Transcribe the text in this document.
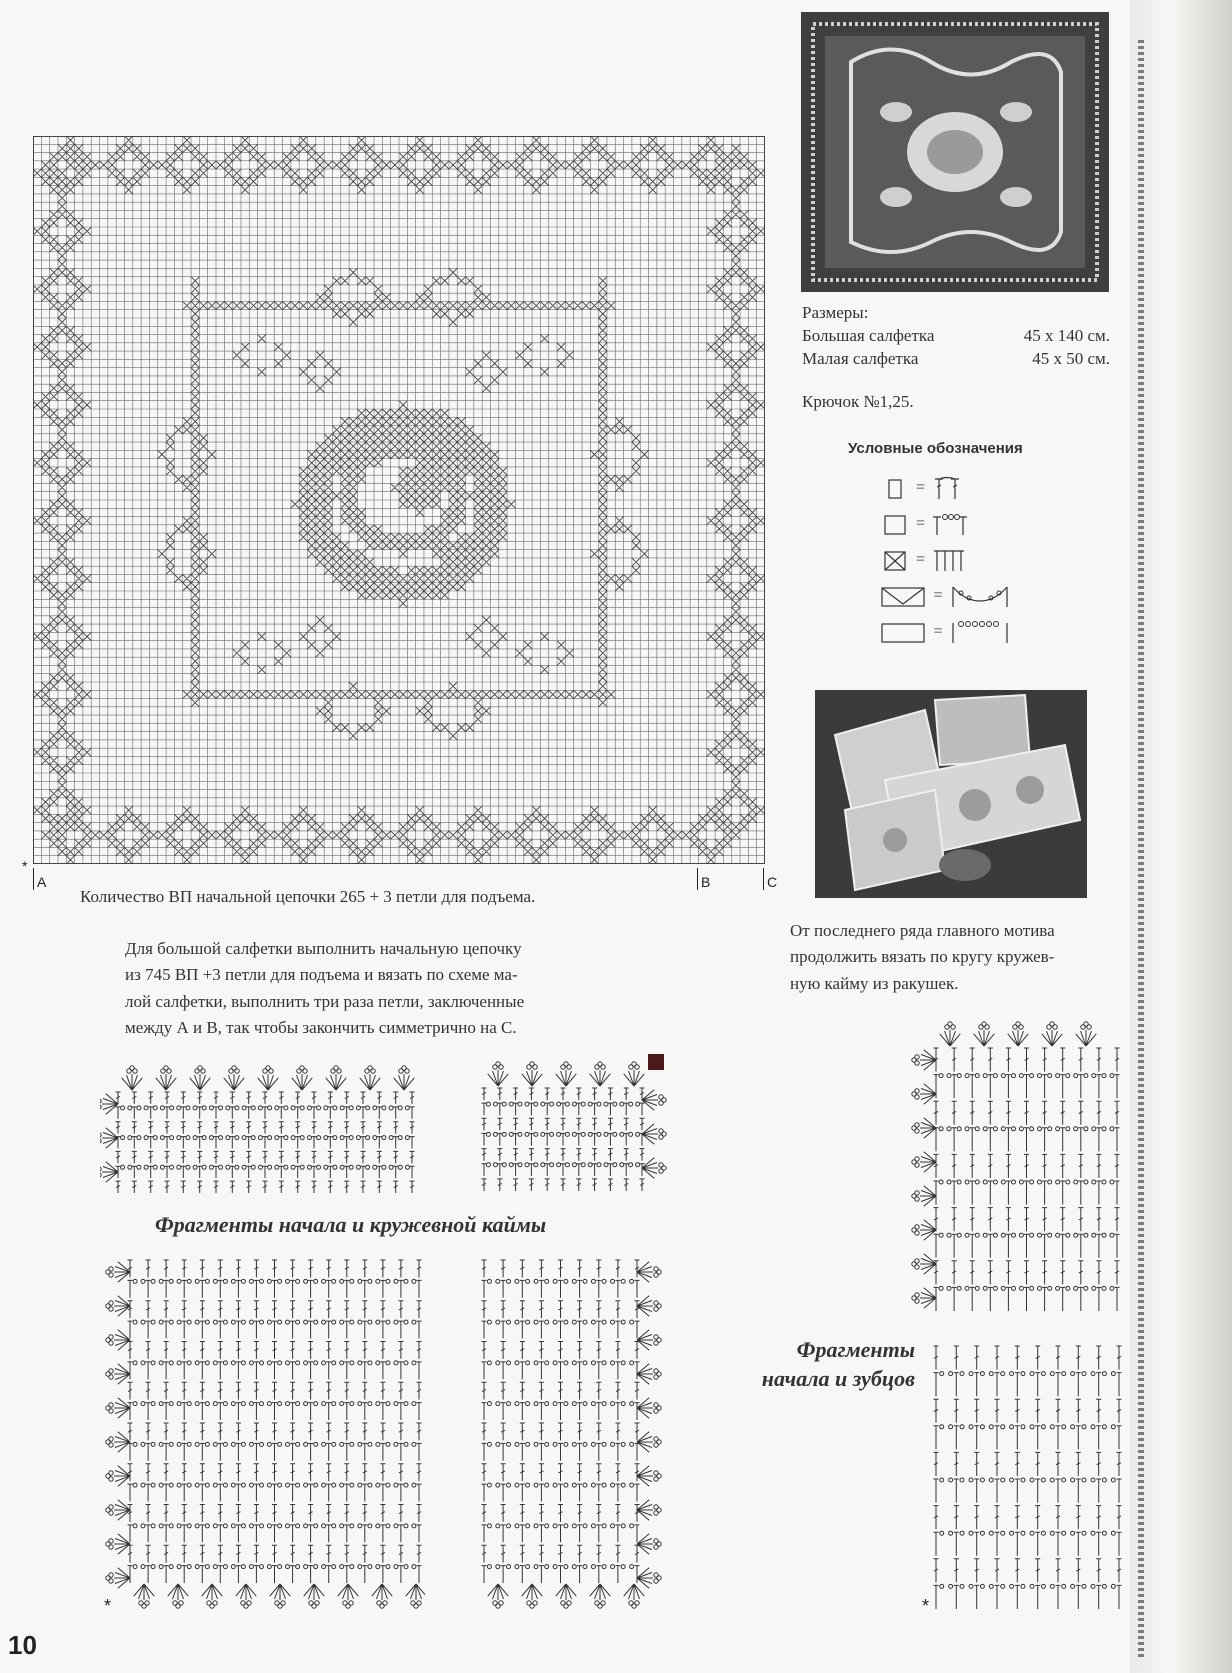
*
A	B	C
Количество ВП начальной цепочки 265 + 3 петли для подъема.
Для большой салфетки выполнить начальную цепочку
из 745 ВП +3 петли для подъема и вязать по схеме ма-
лой салфетки, выполнить три раза петли, заключенные
между А и В, так чтобы закончить симметрично на С.
Размеры:
Большая салфетка	45 х 140 см.
Малая салфетка	45 х 50 см.
Крючок №1,25.
Условные обозначения
=
=
=
=
=
От последнего ряда главного мотива
продолжить вязать по кругу кружев-
ную кайму из ракушек.
Фрагменты начала и кружевной каймы
Фрагменты
начала и зубцов
*	*
10
